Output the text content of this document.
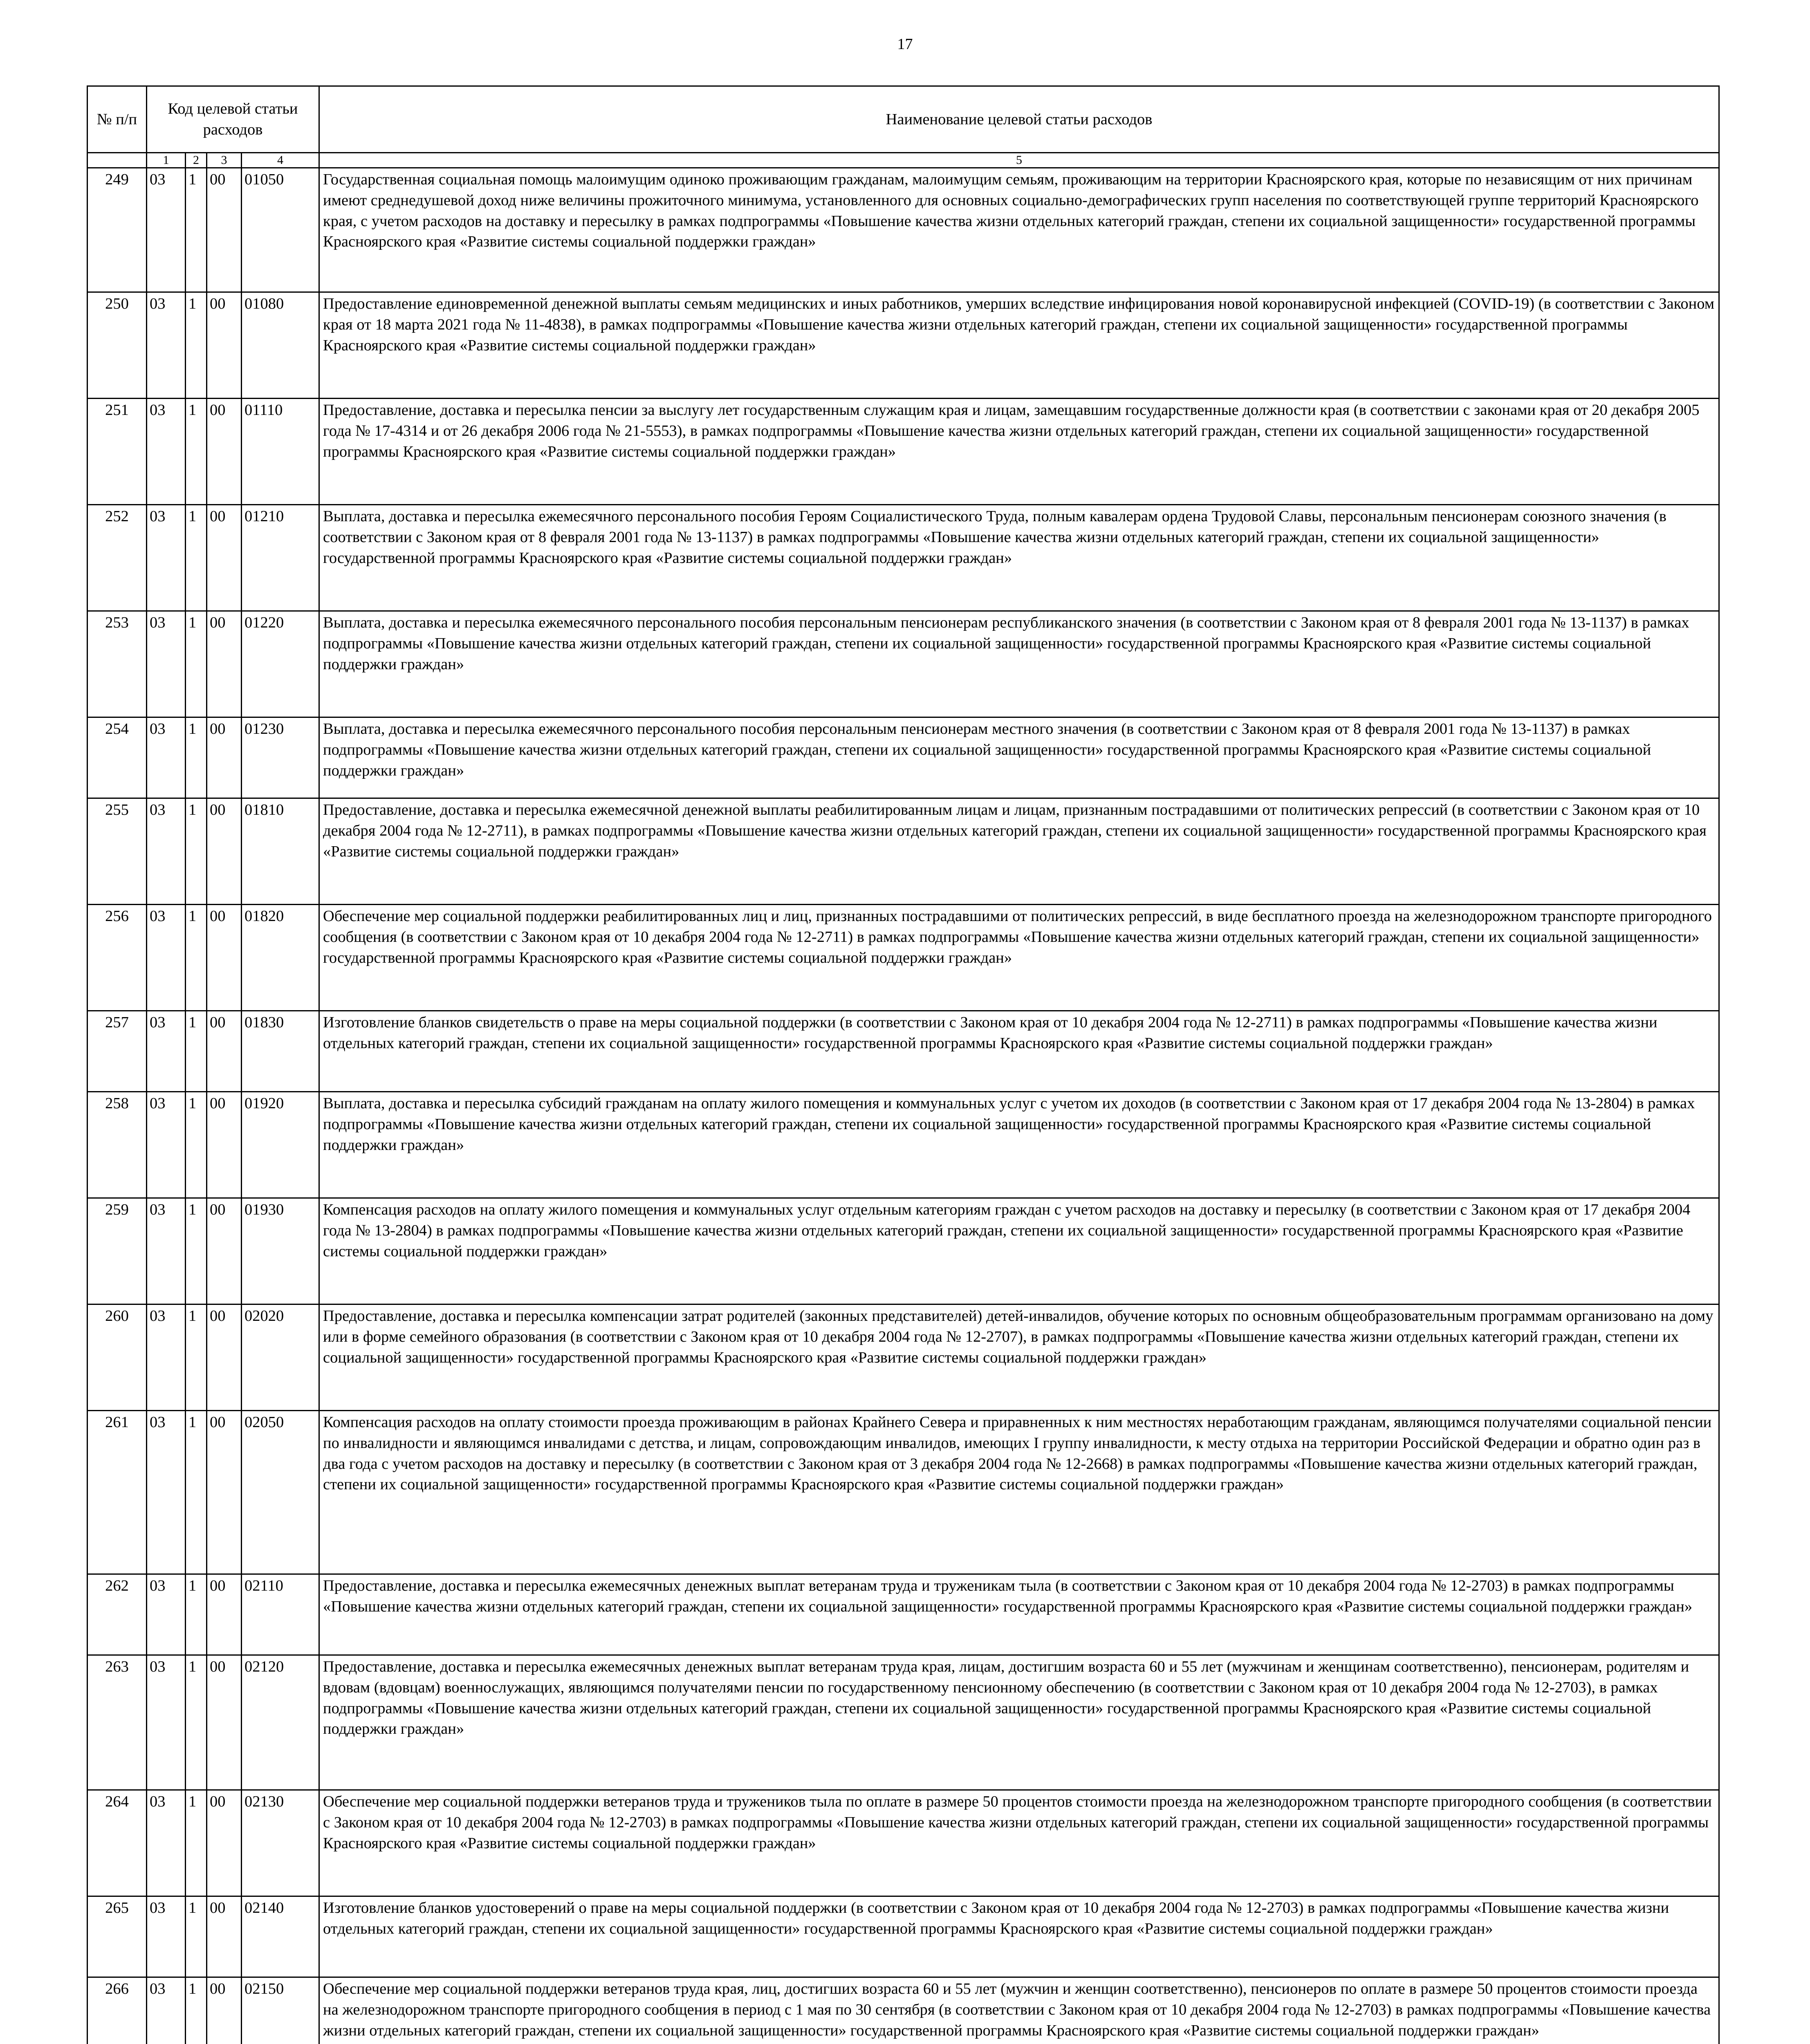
17
№ п/п	Код целевой статьи расходов				Наименование целевой статьи расходов
	1	2	3	4	5
249	03	1	00	01050	Государственная социальная помощь малоимущим одиноко проживающим гражданам, малоимущим семьям, проживающим на территории Красноярского края, которые по независящим от них причинам имеют среднедушевой доход ниже величины прожиточного минимума, установленного для основных социально-демографических групп населения по соответствующей группе территорий Красноярского края, с учетом расходов на доставку и пересылку в рамках подпрограммы «Повышение качества жизни отдельных категорий граждан, степени их социальной защищенности» государственной программы Красноярского края «Развитие системы социальной поддержки граждан»
250	03	1	00	01080	Предоставление единовременной денежной выплаты семьям медицинских и иных работников, умерших вследствие инфицирования новой коронавирусной инфекцией (COVID-19) (в соответствии с Законом края от 18 марта 2021 года № 11-4838), в рамках подпрограммы «Повышение качества жизни отдельных категорий граждан, степени их социальной защищенности» государственной программы Красноярского края «Развитие системы социальной поддержки граждан»
251	03	1	00	01110	Предоставление, доставка и пересылка пенсии за выслугу лет государственным служащим края и лицам, замещавшим государственные должности края (в соответствии с законами края от 20 декабря 2005 года № 17-4314 и от 26 декабря 2006 года № 21-5553), в рамках подпрограммы «Повышение качества жизни отдельных категорий граждан, степени их социальной защищенности» государственной программы Красноярского края «Развитие системы социальной поддержки граждан»
252	03	1	00	01210	Выплата, доставка и пересылка ежемесячного персонального пособия Героям Социалистического Труда, полным кавалерам ордена Трудовой Славы, персональным пенсионерам союзного значения (в соответствии с Законом края от 8 февраля 2001 года № 13-1137) в рамках подпрограммы «Повышение качества жизни отдельных категорий граждан, степени их социальной защищенности» государственной программы Красноярского края «Развитие системы социальной поддержки граждан»
253	03	1	00	01220	Выплата, доставка и пересылка ежемесячного персонального пособия персональным пенсионерам республиканского значения (в соответствии с Законом края от 8 февраля 2001 года № 13-1137) в рамках подпрограммы «Повышение качества жизни отдельных категорий граждан, степени их социальной защищенности» государственной программы Красноярского края «Развитие системы социальной поддержки граждан»
254	03	1	00	01230	Выплата, доставка и пересылка ежемесячного персонального пособия персональным пенсионерам местного значения (в соответствии с Законом края от 8 февраля 2001 года № 13-1137) в рамках подпрограммы «Повышение качества жизни отдельных категорий граждан, степени их социальной защищенности» государственной программы Красноярского края «Развитие системы социальной поддержки граждан»
255	03	1	00	01810	Предоставление, доставка и пересылка ежемесячной денежной выплаты реабилитированным лицам и лицам, признанным пострадавшими от политических репрессий (в соответствии с Законом края от 10 декабря 2004 года № 12-2711), в рамках подпрограммы «Повышение качества жизни отдельных категорий граждан, степени их социальной защищенности» государственной программы Красноярского края «Развитие системы социальной поддержки граждан»
256	03	1	00	01820	Обеспечение мер социальной поддержки реабилитированных лиц и лиц, признанных пострадавшими от политических репрессий, в виде бесплатного проезда на железнодорожном транспорте пригородного сообщения (в соответствии с Законом края от 10 декабря 2004 года № 12-2711) в рамках подпрограммы «Повышение качества жизни отдельных категорий граждан, степени их социальной защищенности» государственной программы Красноярского края «Развитие системы социальной поддержки граждан»
257	03	1	00	01830	Изготовление бланков свидетельств о праве на меры социальной поддержки (в соответствии с Законом края от 10 декабря 2004 года № 12-2711) в рамках подпрограммы «Повышение качества жизни отдельных категорий граждан, степени их социальной защищенности» государственной программы Красноярского края «Развитие системы социальной поддержки граждан»
258	03	1	00	01920	Выплата, доставка и пересылка субсидий гражданам на оплату жилого помещения и коммунальных услуг с учетом их доходов (в соответствии с Законом края от 17 декабря 2004 года № 13-2804) в рамках подпрограммы «Повышение качества жизни отдельных категорий граждан, степени их социальной защищенности» государственной программы Красноярского края «Развитие системы социальной поддержки граждан»
259	03	1	00	01930	Компенсация расходов на оплату жилого помещения и коммунальных услуг отдельным категориям граждан с учетом расходов на доставку и пересылку (в соответствии с Законом края от 17 декабря 2004 года № 13-2804) в рамках подпрограммы «Повышение качества жизни отдельных категорий граждан, степени их социальной защищенности» государственной программы Красноярского края «Развитие системы социальной поддержки граждан»
260	03	1	00	02020	Предоставление, доставка и пересылка компенсации затрат родителей (законных представителей) детей-инвалидов, обучение которых по основным общеобразовательным программам организовано на дому или в форме семейного образования (в соответствии с Законом края от 10 декабря 2004 года № 12-2707), в рамках подпрограммы «Повышение качества жизни отдельных категорий граждан, степени их социальной защищенности» государственной программы Красноярского края «Развитие системы социальной поддержки граждан»
261	03	1	00	02050	Компенсация расходов на оплату стоимости проезда проживающим в районах Крайнего Севера и приравненных к ним местностях неработающим гражданам, являющимся получателями социальной пенсии по инвалидности и являющимся инвалидами с детства, и лицам, сопровождающим инвалидов, имеющих I группу инвалидности, к месту отдыха на территории Российской Федерации и обратно один раз в два года с учетом расходов на доставку и пересылку (в соответствии с Законом края от 3 декабря 2004 года № 12-2668) в рамках подпрограммы «Повышение качества жизни отдельных категорий граждан, степени их социальной защищенности» государственной программы Красноярского края «Развитие системы социальной поддержки граждан»
262	03	1	00	02110	Предоставление, доставка и пересылка ежемесячных денежных выплат ветеранам труда и труженикам тыла (в соответствии с Законом края от 10 декабря 2004 года № 12-2703) в рамках подпрограммы «Повышение качества жизни отдельных категорий граждан, степени их социальной защищенности» государственной программы Красноярского края «Развитие системы социальной поддержки граждан»
263	03	1	00	02120	Предоставление, доставка и пересылка ежемесячных денежных выплат ветеранам труда края, лицам, достигшим возраста 60 и 55 лет (мужчинам и женщинам соответственно), пенсионерам, родителям и вдовам (вдовцам) военнослужащих, являющимся получателями пенсии по государственному пенсионному обеспечению (в соответствии с Законом края от 10 декабря 2004 года № 12-2703), в рамках подпрограммы «Повышение качества жизни отдельных категорий граждан, степени их социальной защищенности» государственной программы Красноярского края «Развитие системы социальной поддержки граждан»
264	03	1	00	02130	Обеспечение мер социальной поддержки ветеранов труда и тружеников тыла по оплате в размере 50 процентов стоимости проезда на железнодорожном транспорте пригородного сообщения (в соответствии с Законом края от 10 декабря 2004 года № 12-2703) в рамках подпрограммы «Повышение качества жизни отдельных категорий граждан, степени их социальной защищенности» государственной программы Красноярского края «Развитие системы социальной поддержки граждан»
265	03	1	00	02140	Изготовление бланков удостоверений о праве на меры социальной поддержки (в соответствии с Законом края от 10 декабря 2004 года № 12-2703) в рамках подпрограммы «Повышение качества жизни отдельных категорий граждан, степени их социальной защищенности» государственной программы Красноярского края «Развитие системы социальной поддержки граждан»
266	03	1	00	02150	Обеспечение мер социальной поддержки ветеранов труда края, лиц, достигших возраста 60 и 55 лет (мужчин и женщин соответственно), пенсионеров по оплате в размере 50 процентов стоимости проезда на железнодорожном транспорте пригородного сообщения в период с 1 мая по 30 сентября (в соответствии с Законом края от 10 декабря 2004 года № 12-2703) в рамках подпрограммы «Повышение качества жизни отдельных категорий граждан, степени их социальной защищенности» государственной программы Красноярского края «Развитие системы социальной поддержки граждан»
